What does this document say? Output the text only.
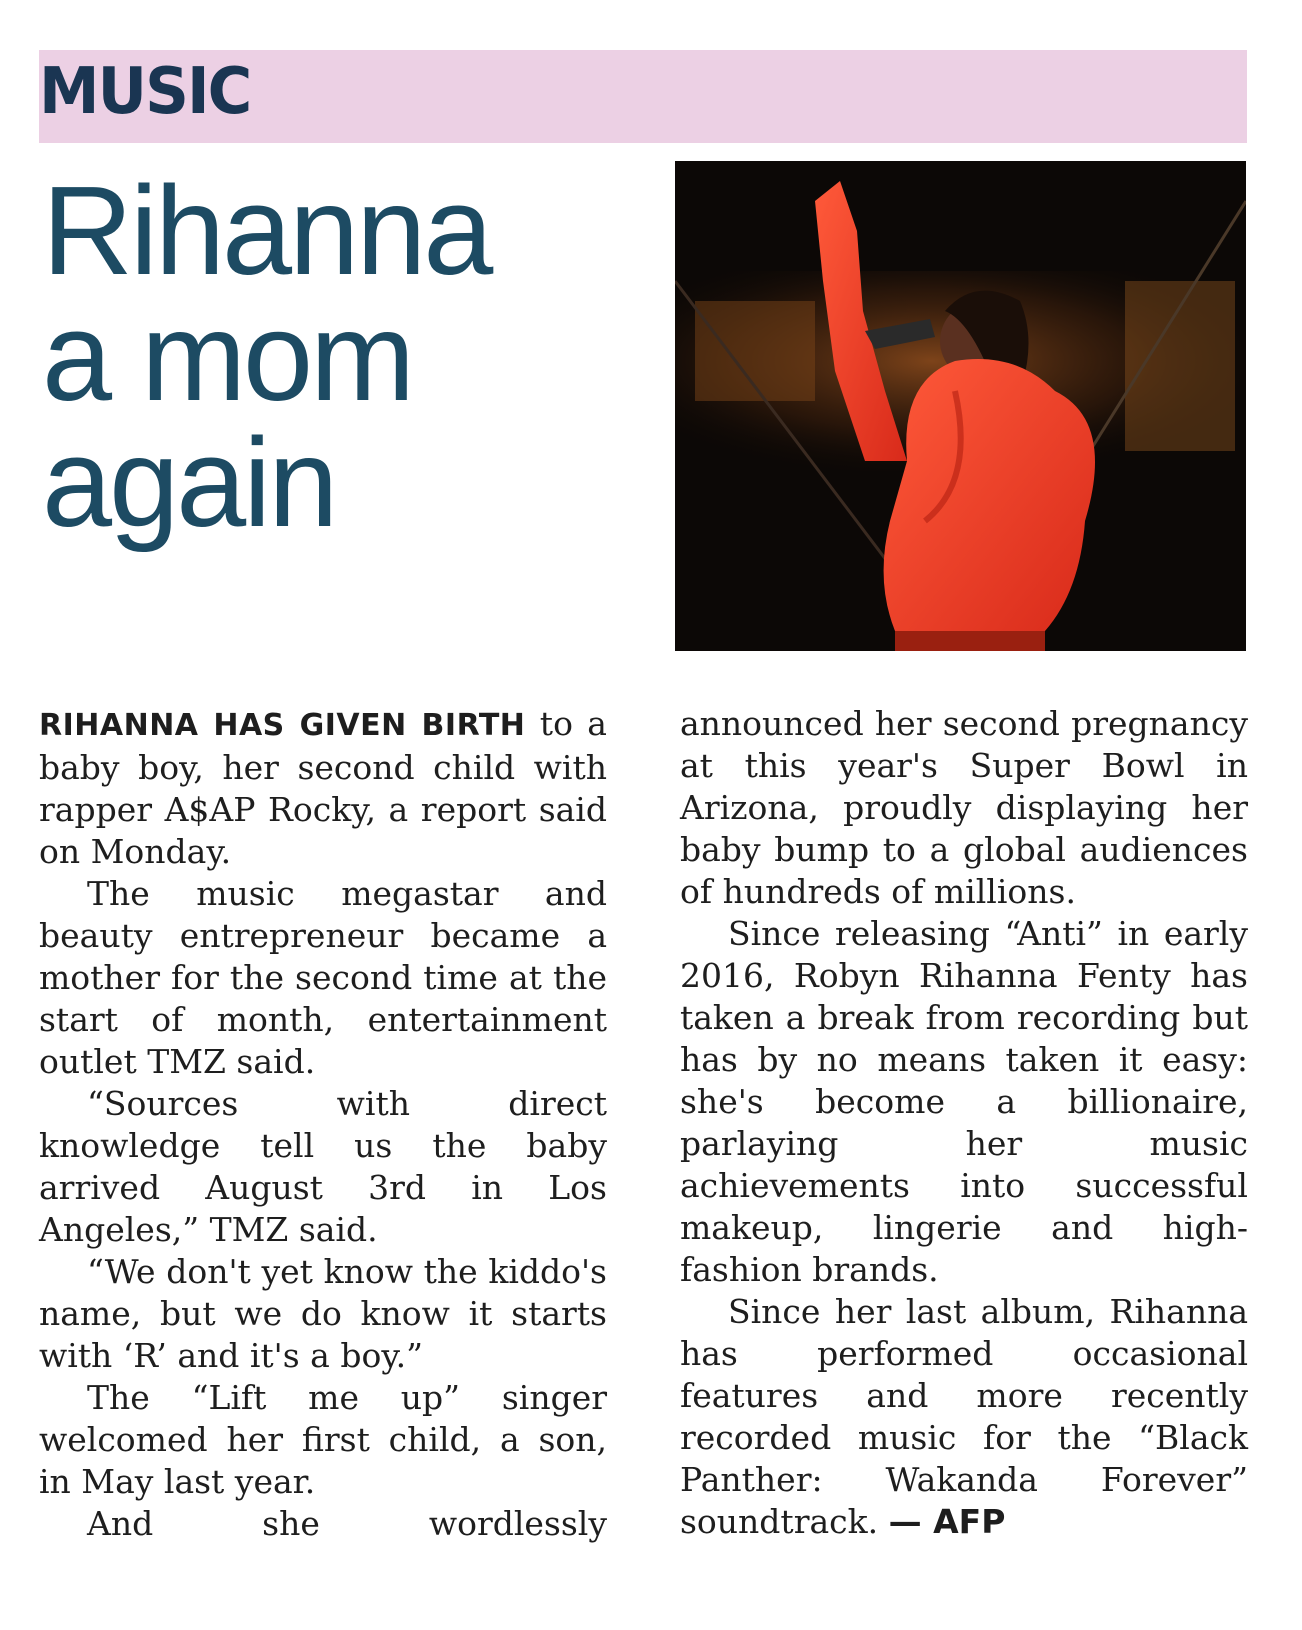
MUSIC
Rihanna
a mom
again

RIHANNA HAS GIVEN BIRTH to a baby boy, her second child with rapper A$AP Rocky, a report said on Monday.

The music megastar and beauty entrepreneur became a mother for the second time at the start of month, entertainment outlet TMZ said.

“Sources with direct knowledge tell us the baby arrived August 3rd in Los Angeles,” TMZ said.

“We don't yet know the kiddo's name, but we do know it starts with ‘R’ and it's a boy.”

The “Lift me up” singer welcomed her first child, a son, in May last year.

And she wordlessly

announced her second pregnancy at this year's Super Bowl in Arizona, proudly displaying her baby bump to a global audiences of hundreds of millions.

Since releasing “Anti” in early 2016, Robyn Rihanna Fenty has taken a break from recording but has by no means taken it easy: she's become a billionaire, parlaying her music achievements into successful makeup, lingerie and high-fashion brands.

Since her last album, Rihanna has performed occasional features and more recently recorded music for the “Black Panther: Wakanda Forever” soundtrack. — AFP
